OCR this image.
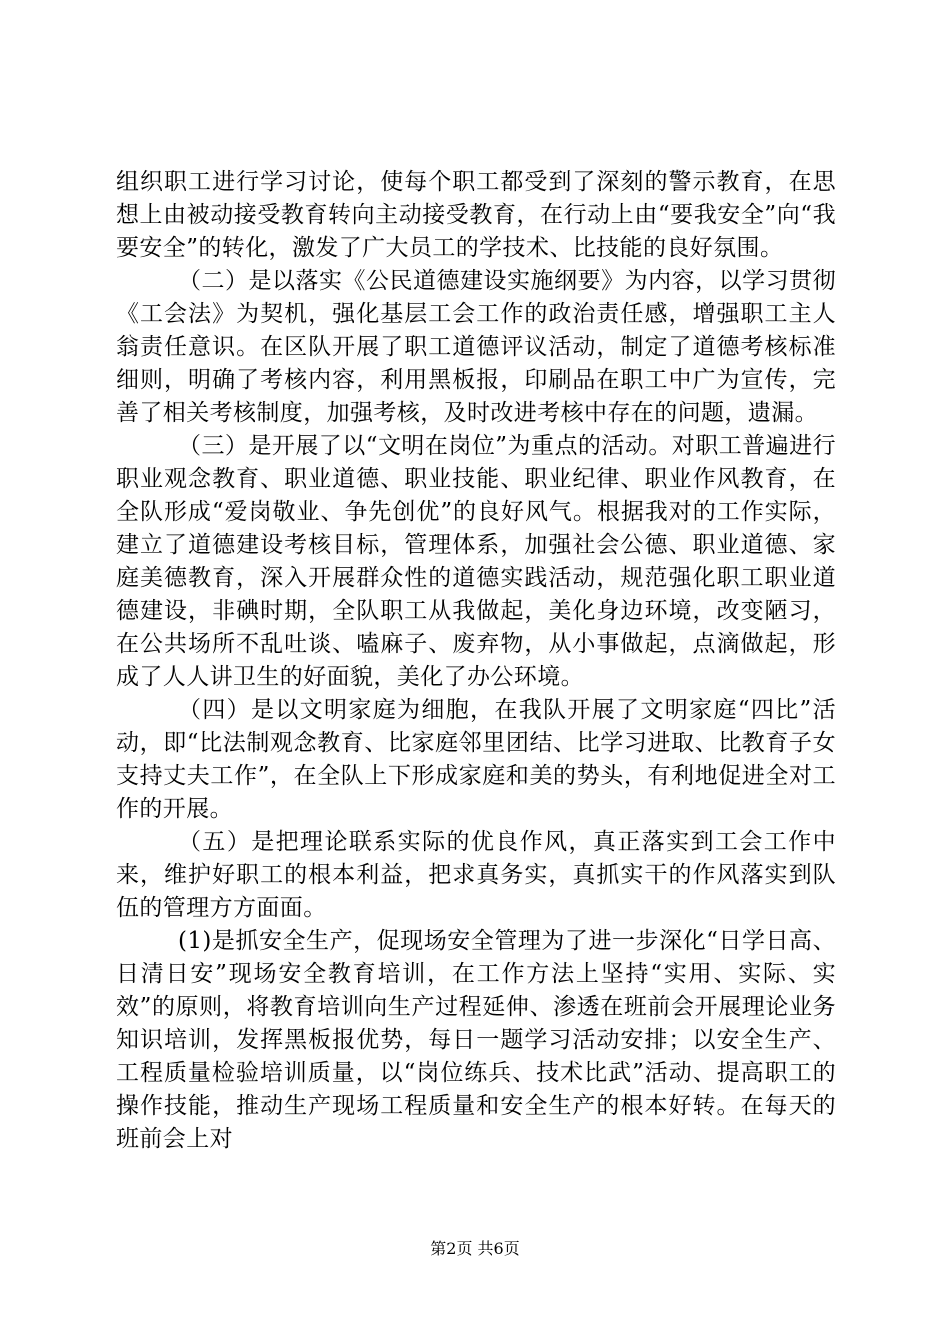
组织职工进行学习讨论，使每个职工都受到了深刻的警示教育，在思想上由被动接受教育转向主动接受教育，在行动上由“要我安全”向“我要安全”的转化，激发了广大员工的学技术、比技能的良好氛围。

（二）是以落实《公民道德建设实施纲要》为内容，以学习贯彻《工会法》为契机，强化基层工会工作的政治责任感，增强职工主人翁责任意识。在区队开展了职工道德评议活动，制定了道德考核标准细则，明确了考核内容，利用黑板报，印刷品在职工中广为宣传，完善了相关考核制度，加强考核，及时改进考核中存在的问题，遗漏。

（三）是开展了以“文明在岗位”为重点的活动。对职工普遍进行职业观念教育、职业道德、职业技能、职业纪律、职业作风教育，在全队形成“爱岗敬业、争先创优”的良好风气。根据我对的工作实际，建立了道德建设考核目标，管理体系，加强社会公德、职业道德、家庭美德教育，深入开展群众性的道德实践活动，规范强化职工职业道德建设，非碘时期，全队职工从我做起，美化身边环境，改变陋习，在公共场所不乱吐谈、嗑麻子、废弃物，从小事做起，点滴做起，形成了人人讲卫生的好面貌，美化了办公环境。

（四）是以文明家庭为细胞，在我队开展了文明家庭“四比”活动，即“比法制观念教育、比家庭邻里团结、比学习进取、比教育子女支持丈夫工作”，在全队上下形成家庭和美的势头，有利地促进全对工作的开展。

（五）是把理论联系实际的优良作风，真正落实到工会工作中来，维护好职工的根本利益，把求真务实，真抓实干的作风落实到队伍的管理方方面面。

(1)是抓安全生产，促现场安全管理为了进一步深化“日学日高、日清日安”现场安全教育培训，在工作方法上坚持“实用、实际、实效”的原则，将教育培训向生产过程延伸、渗透在班前会开展理论业务知识培训，发挥黑板报优势，每日一题学习活动安排；以安全生产、工程质量检验培训质量，以“岗位练兵、技术比武”活动、提高职工的操作技能，推动生产现场工程质量和安全生产的根本好转。在每天的班前会上对

第2页 共6页
